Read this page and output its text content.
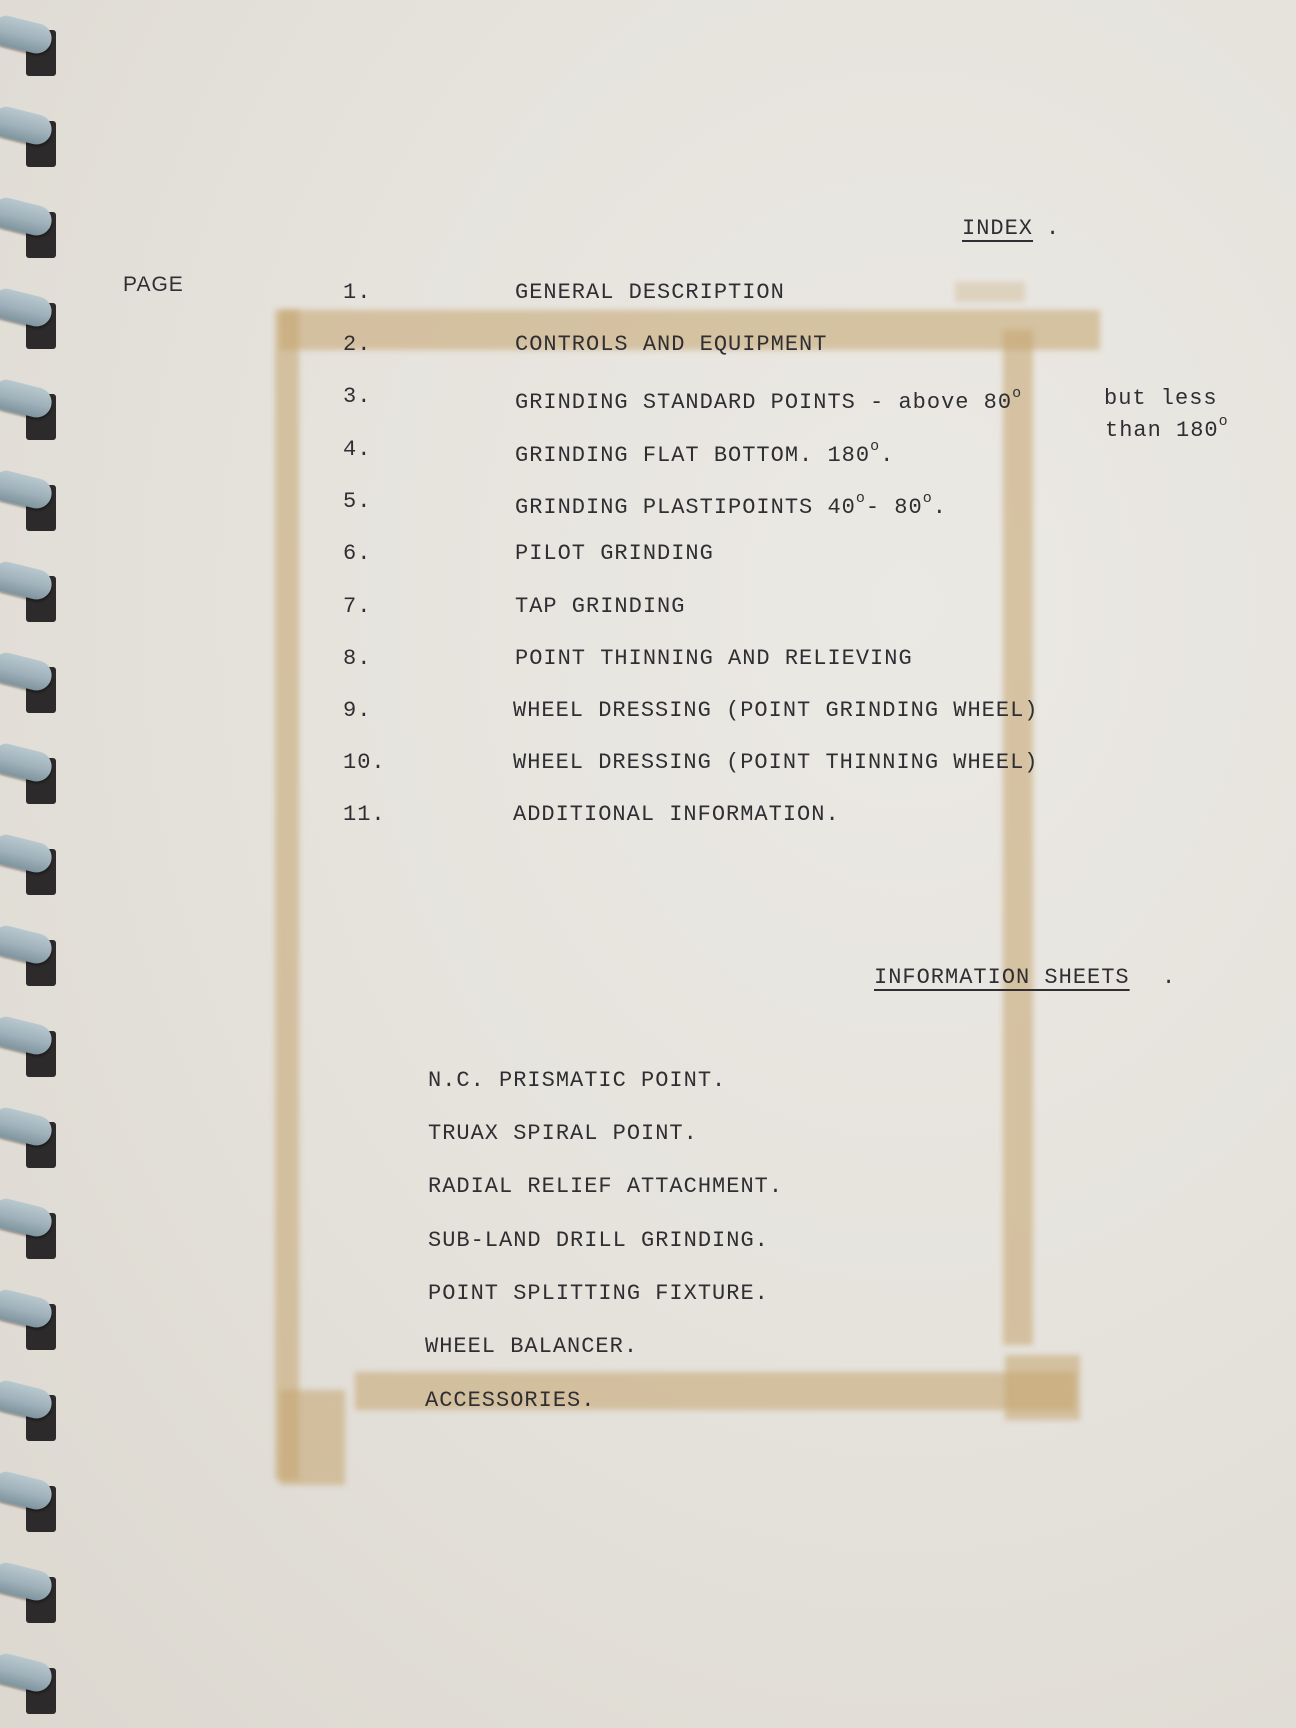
INDEX .
PAGE	1.	GENERAL DESCRIPTION
2.	CONTROLS AND EQUIPMENT
3.	GRINDING STANDARD POINTS - above 80$^o$	but less
than 180$^o$
4.	GRINDING FLAT BOTTOM. 180$^o$.
5.	GRINDING PLASTIPOINTS 40$^o$- 80$^o$.
6.	PILOT GRINDING
7.	TAP GRINDING
8.	POINT THINNING AND RELIEVING
9.	WHEEL DRESSING (POINT GRINDING WHEEL)
10.	WHEEL DRESSING (POINT THINNING WHEEL)
11.	ADDITIONAL INFORMATION.
INFORMATION SHEETS .
N.C. PRISMATIC POINT.
TRUAX SPIRAL POINT.
RADIAL RELIEF ATTACHMENT.
SUB-LAND DRILL GRINDING.
POINT SPLITTING FIXTURE.
WHEEL BALANCER.
ACCESSORIES.
